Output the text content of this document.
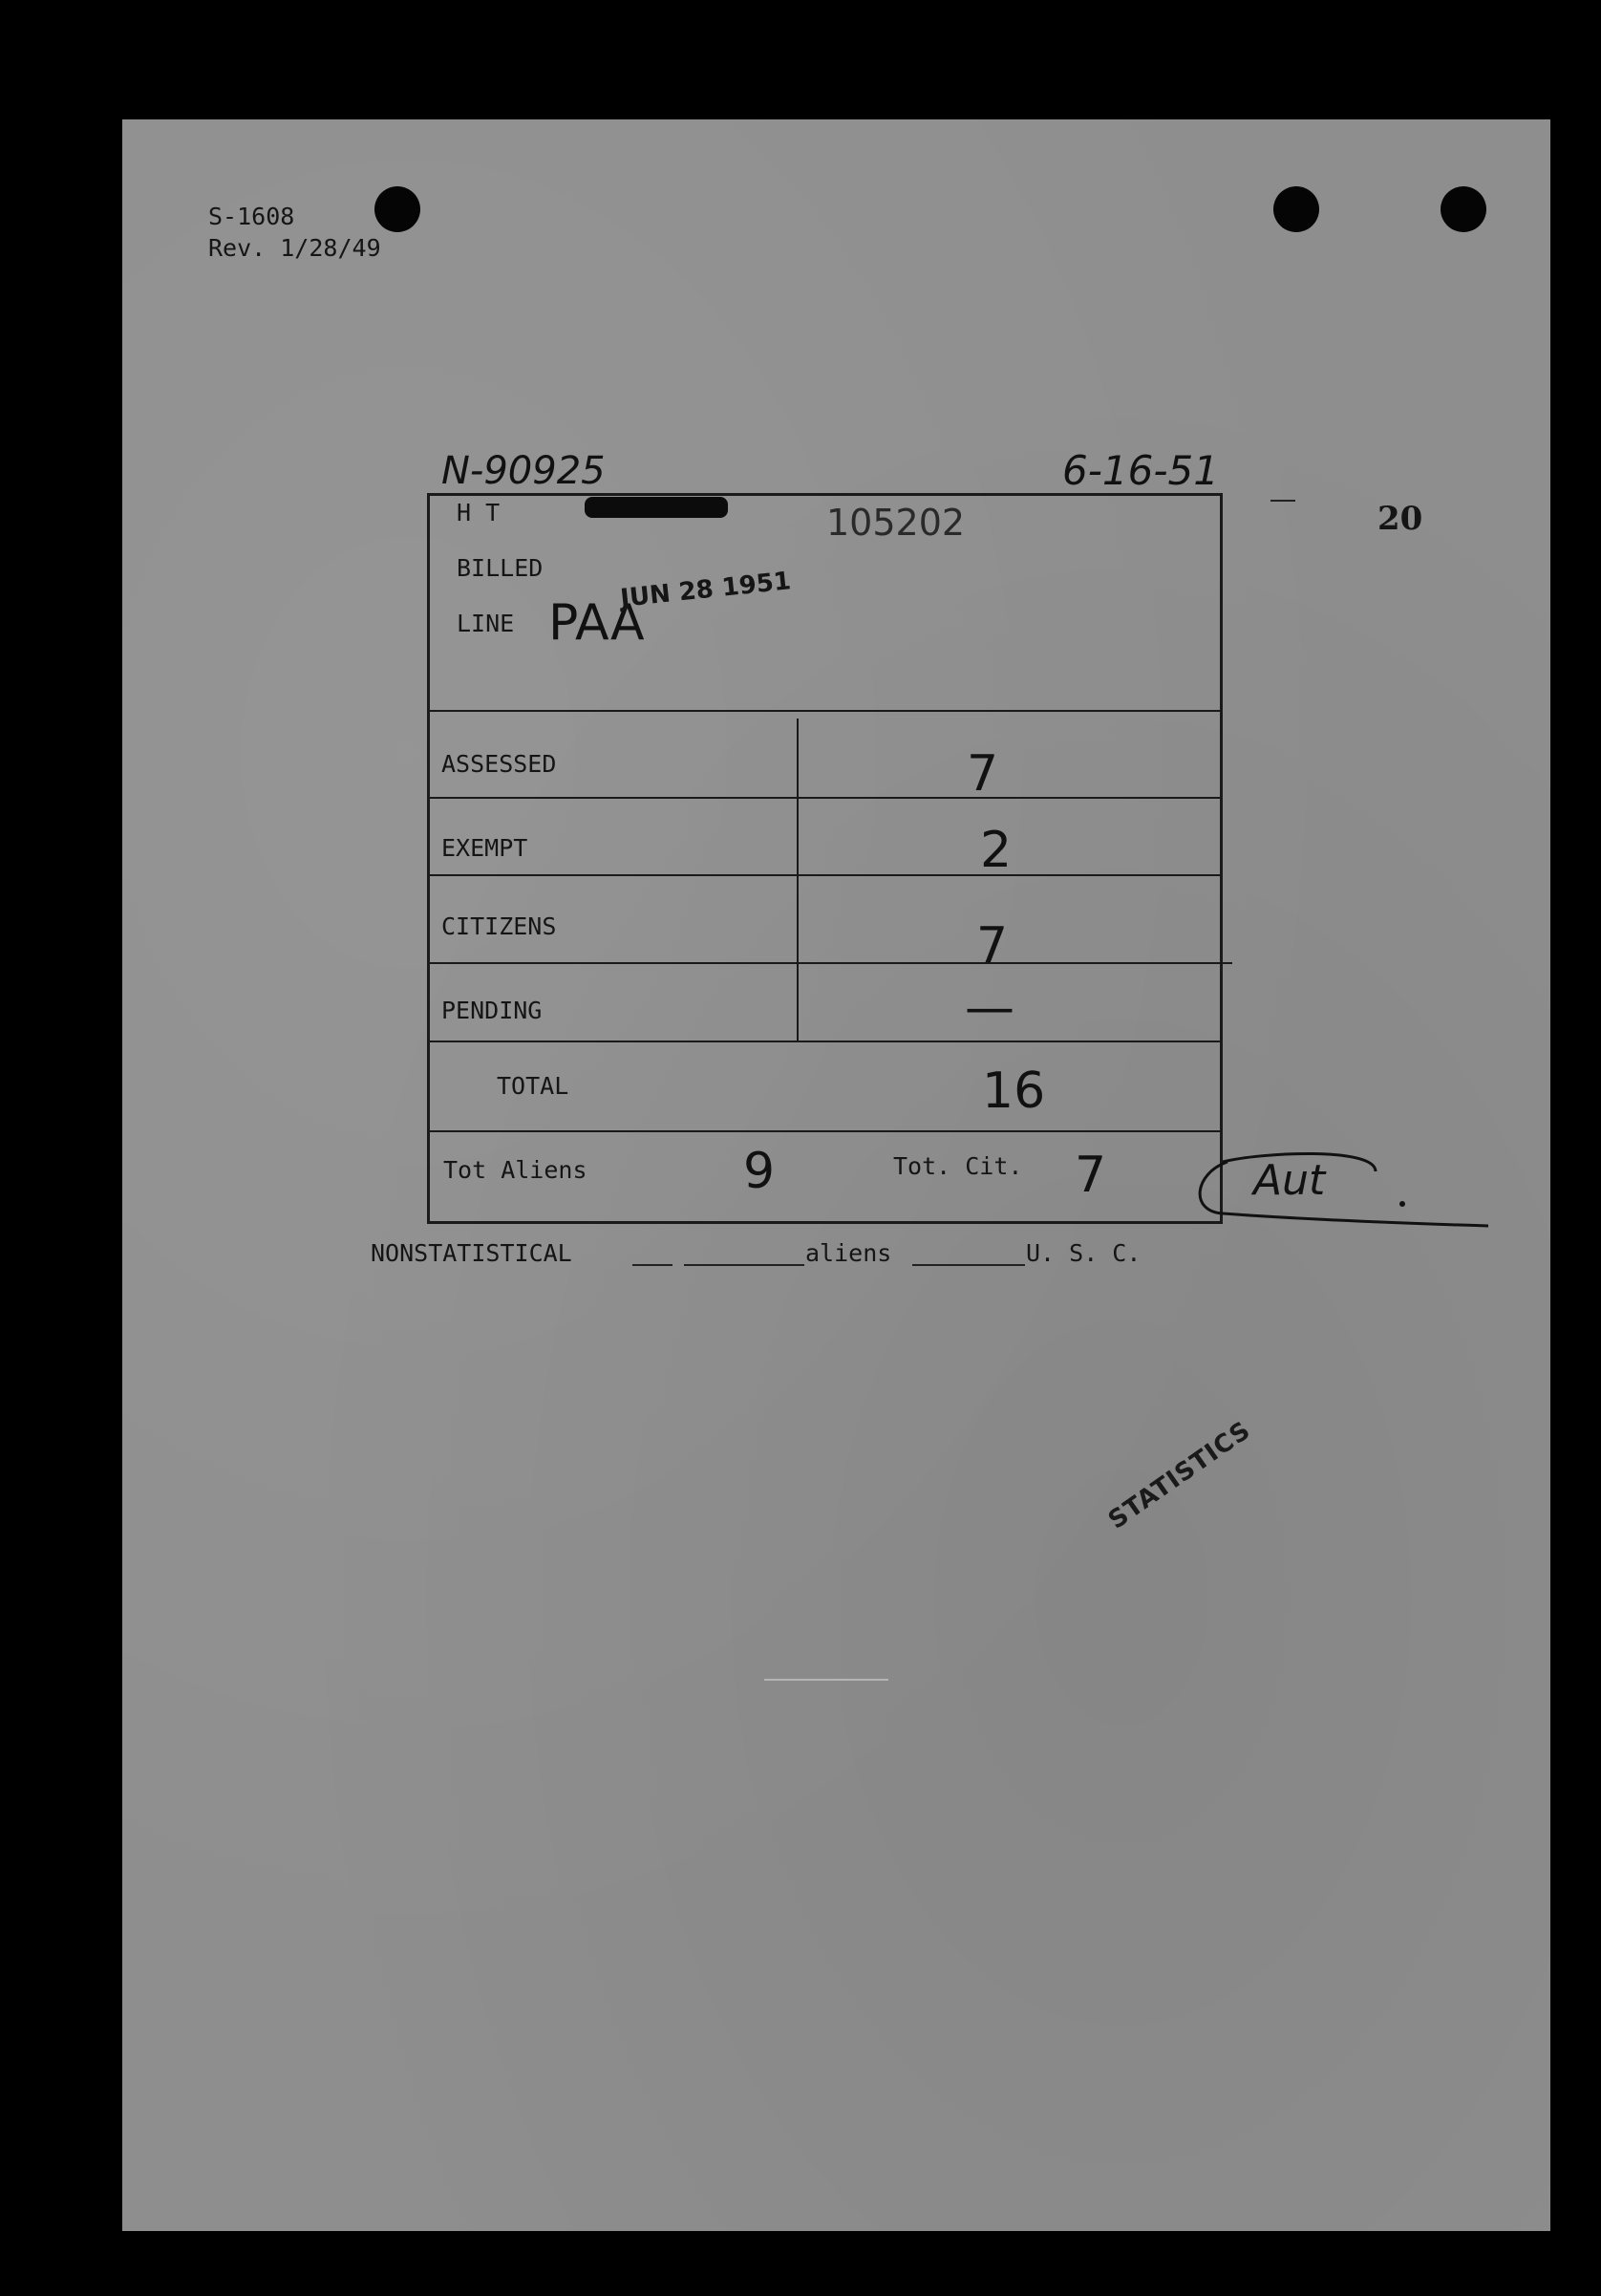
S-1608
Rev. 1/28/49
20
N-90925	6-16-51
H T	105202
BILLED
LINE PAA
JUN 28 1951
ASSESSED	7
EXEMPT	2
CITIZENS	7
PENDING	—
TOTAL	16
Tot Aliens	9	Tot. Cit. 7	Aut
NONSTATISTICAL	aliens	U. S. C.
STATISTICS
